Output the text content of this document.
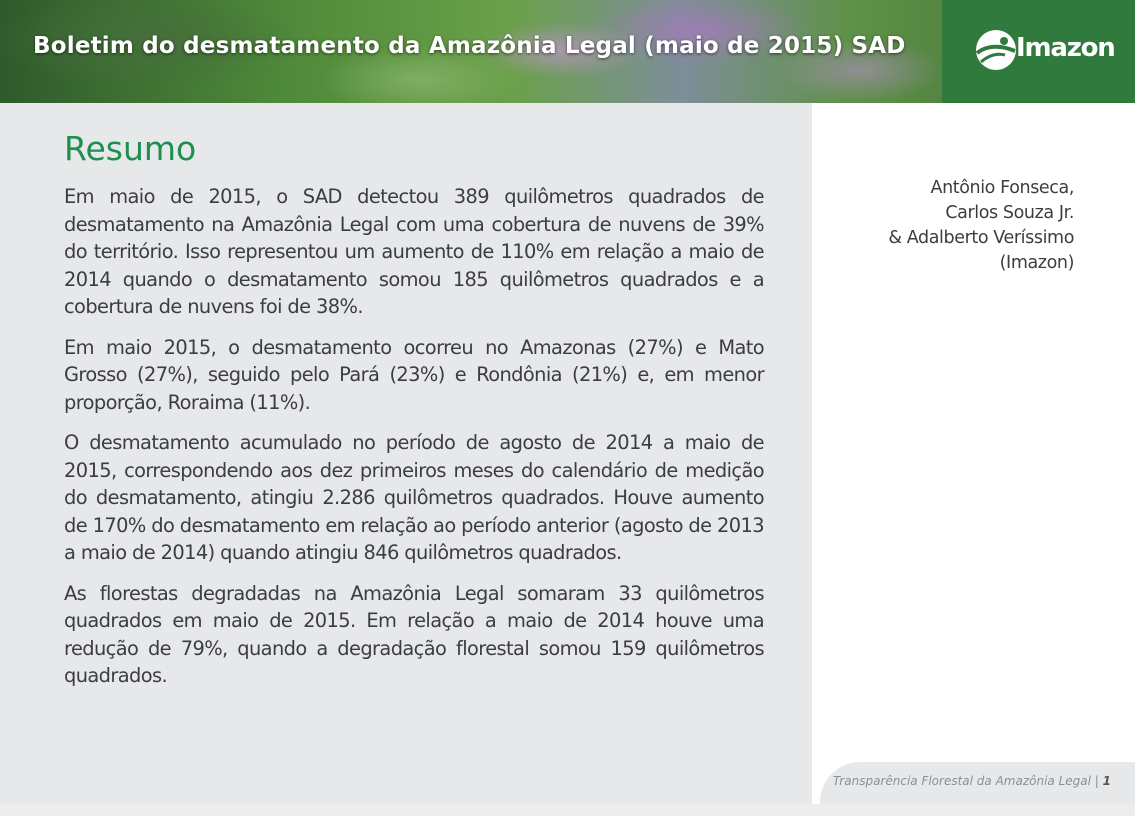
Boletim do desmatamento da Amazônia Legal (maio de 2015) SAD	Imazon
Resumo

Em maio de 2015, o SAD detectou 389 quilômetros quadrados de desmatamento na Amazônia Legal com uma cobertura de nuvens de 39% do território. Isso representou um aumento de 110% em relação a maio de 2014 quando o desmatamento somou 185 quilômetros quadrados e a cobertura de nuvens foi de 38%.

Em maio 2015, o desmatamento ocorreu no Amazonas (27%) e Mato Grosso (27%), seguido pelo Pará (23%) e Rondônia (21%) e, em menor proporção, Roraima (11%).

O desmatamento acumulado no período de agosto de 2014 a maio de 2015, correspondendo aos dez primeiros meses do calendário de medição do desmatamento, atingiu 2.286 quilômetros quadrados. Houve aumento de 170% do desmatamento em relação ao período anterior (agosto de 2013 a maio de 2014) quando atingiu 846 quilômetros quadrados.

As florestas degradadas na Amazônia Legal somaram 33 quilômetros quadrados em maio de 2015. Em relação a maio de 2014 houve uma redução de 79%, quando a degradação florestal somou 159 quilômetros quadrados.

Antônio Fonseca,
Carlos Souza Jr.
& Adalberto Veríssimo
(Imazon)
Transparência Florestal da Amazônia Legal | 1
